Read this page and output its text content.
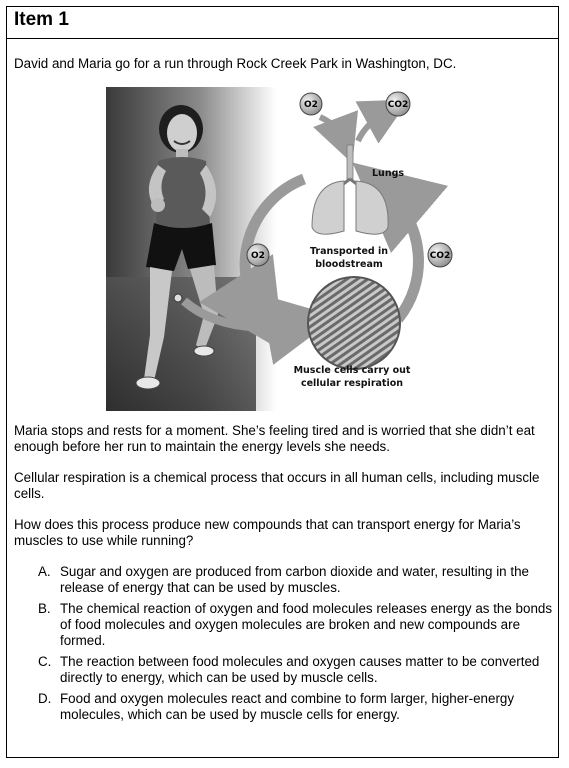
Item 1
David and Maria go for a run through Rock Creek Park in Washington, DC.
O2	CO2
O2	CO2
Lungs
Transported in
bloodstream
Muscle cells carry out
cellular respiration
Maria stops and rests for a moment. She’s feeling tired and is worried that she didn’t eat enough before her run to maintain the energy levels she needs.
Cellular respiration is a chemical process that occurs in all human cells, including muscle cells.
How does this process produce new compounds that can transport energy for Maria’s muscles to use while running?
A. Sugar and oxygen are produced from carbon dioxide and water, resulting in the release of energy that can be used by muscles.
B. The chemical reaction of oxygen and food molecules releases energy as the bonds of food molecules and oxygen molecules are broken and new compounds are formed.
C. The reaction between food molecules and oxygen causes matter to be converted directly to energy, which can be used by muscle cells.
D. Food and oxygen molecules react and combine to form larger, higher-energy molecules, which can be used by muscle cells for energy.
